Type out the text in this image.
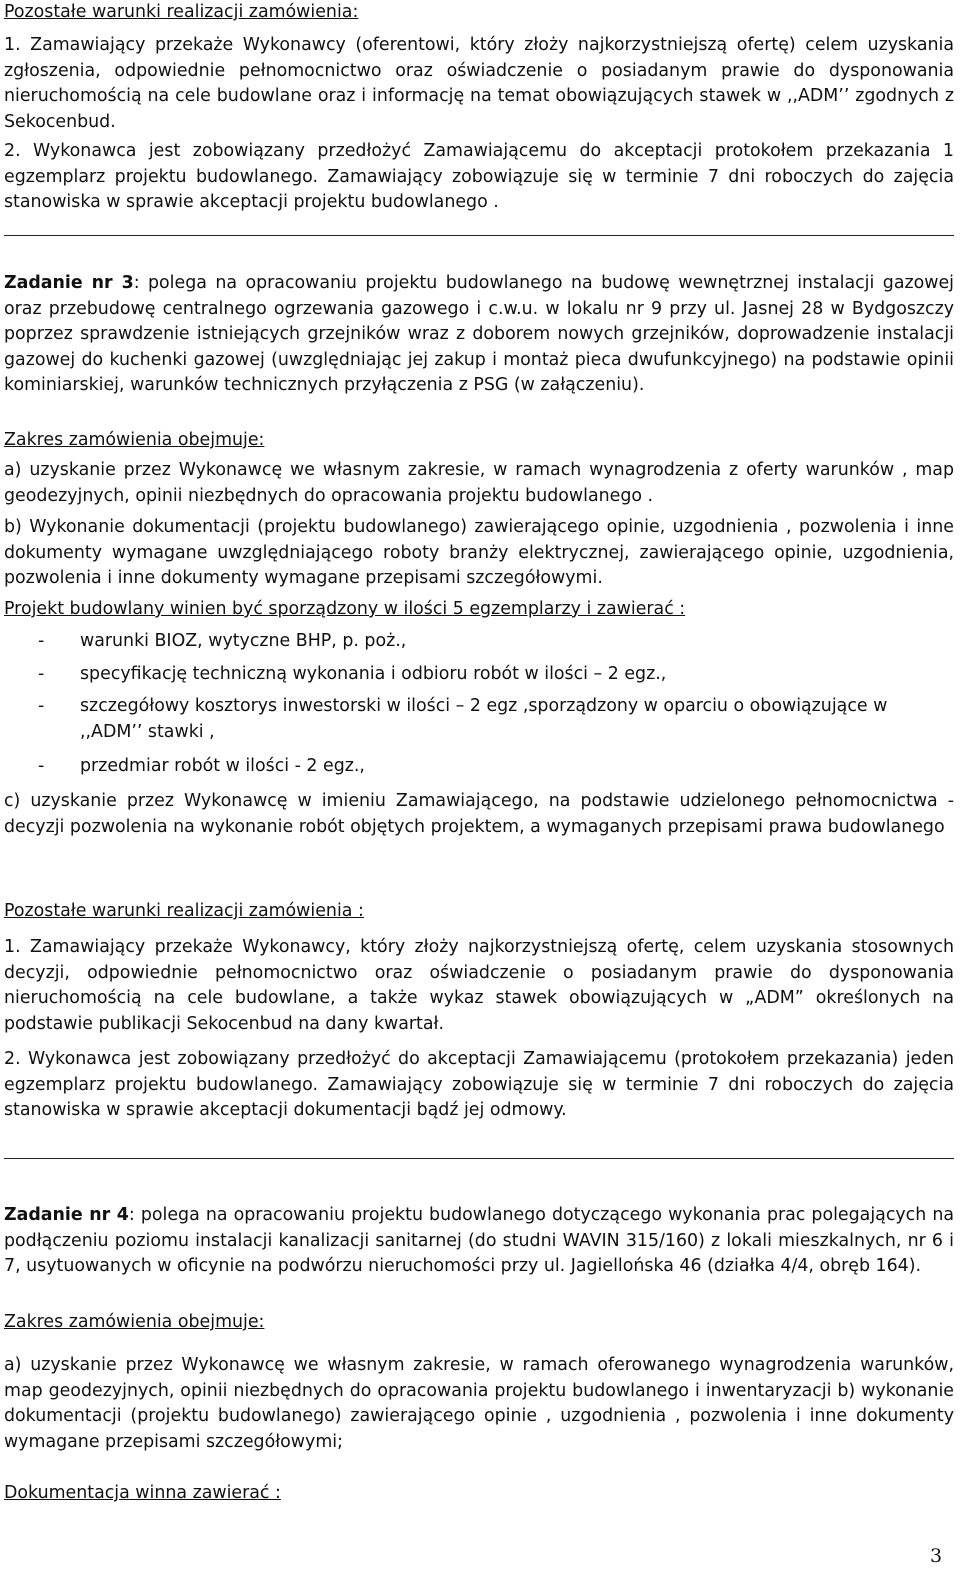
Pozostałe warunki realizacji zamówienia:

1. Zamawiający przekaże Wykonawcy (oferentowi, który złoży najkorzystniejszą ofertę) celem uzyskania zgłoszenia, odpowiednie pełnomocnictwo oraz oświadczenie o posiadanym prawie do dysponowania nieruchomością na cele budowlane oraz i informację na temat obowiązujących stawek w ,,ADM’’ zgodnych z Sekocenbud.

2. Wykonawca jest zobowiązany przedłożyć Zamawiającemu do akceptacji protokołem przekazania 1 egzemplarz projektu budowlanego. Zamawiający zobowiązuje się w terminie 7 dni roboczych do zajęcia stanowiska w sprawie akceptacji projektu budowlanego .

Zadanie nr 3: polega na opracowaniu projektu budowlanego na budowę wewnętrznej instalacji gazowej oraz przebudowę centralnego ogrzewania gazowego i c.w.u. w lokalu nr 9 przy ul. Jasnej 28 w Bydgoszczy poprzez sprawdzenie istniejących grzejników wraz z doborem nowych grzejników, doprowadzenie instalacji gazowej do kuchenki gazowej (uwzględniając jej zakup i montaż pieca dwufunkcyjnego) na podstawie opinii kominiarskiej, warunków technicznych przyłączenia z PSG (w załączeniu).

Zakres zamówienia obejmuje:

a) uzyskanie przez Wykonawcę we własnym zakresie, w ramach wynagrodzenia z oferty warunków , map geodezyjnych, opinii niezbędnych do opracowania projektu budowlanego .

b) Wykonanie dokumentacji (projektu budowlanego) zawierającego opinie, uzgodnienia , pozwolenia i inne dokumenty wymagane uwzględniającego roboty branży elektrycznej, zawierającego opinie, uzgodnienia, pozwolenia i inne dokumenty wymagane przepisami szczegółowymi.

Projekt budowlany winien być sporządzony w ilości 5 egzemplarzy i zawierać :

-	warunki BIOZ, wytyczne BHP, p. poż.,
-	specyfikację techniczną wykonania i odbioru robót w ilości – 2 egz.,
-	szczegółowy kosztorys inwestorski w ilości – 2 egz ,sporządzony w oparciu o obowiązujące w ,,ADM’’ stawki ,
-	przedmiar robót w ilości - 2 egz.,

c) uzyskanie przez Wykonawcę w imieniu Zamawiającego, na podstawie udzielonego pełnomocnictwa - decyzji pozwolenia na wykonanie robót objętych projektem, a wymaganych przepisami prawa budowlanego

Pozostałe warunki realizacji zamówienia :

1. Zamawiający przekaże Wykonawcy, który złoży najkorzystniejszą ofertę, celem uzyskania stosownych decyzji, odpowiednie pełnomocnictwo oraz oświadczenie o posiadanym prawie do dysponowania nieruchomością na cele budowlane, a także wykaz stawek obowiązujących w „ADM” określonych na podstawie publikacji Sekocenbud na dany kwartał.

2. Wykonawca jest zobowiązany przedłożyć do akceptacji Zamawiającemu (protokołem przekazania) jeden egzemplarz projektu budowlanego. Zamawiający zobowiązuje się w terminie 7 dni roboczych do zajęcia stanowiska w sprawie akceptacji dokumentacji bądź jej odmowy.

Zadanie nr 4: polega na opracowaniu projektu budowlanego dotyczącego wykonania prac polegających na podłączeniu poziomu instalacji kanalizacji sanitarnej (do studni WAVIN 315/160) z lokali mieszkalnych, nr 6 i 7, usytuowanych w oficynie na podwórzu nieruchomości przy ul. Jagiellońska 46 (działka 4/4, obręb 164).

Zakres zamówienia obejmuje:

a) uzyskanie przez Wykonawcę we własnym zakresie, w ramach oferowanego wynagrodzenia warunków, map geodezyjnych, opinii niezbędnych do opracowania projektu budowlanego i inwentaryzacji b) wykonanie dokumentacji (projektu budowlanego) zawierającego opinie , uzgodnienia , pozwolenia i inne dokumenty wymagane przepisami szczegółowymi;

Dokumentacja winna zawierać :

3
